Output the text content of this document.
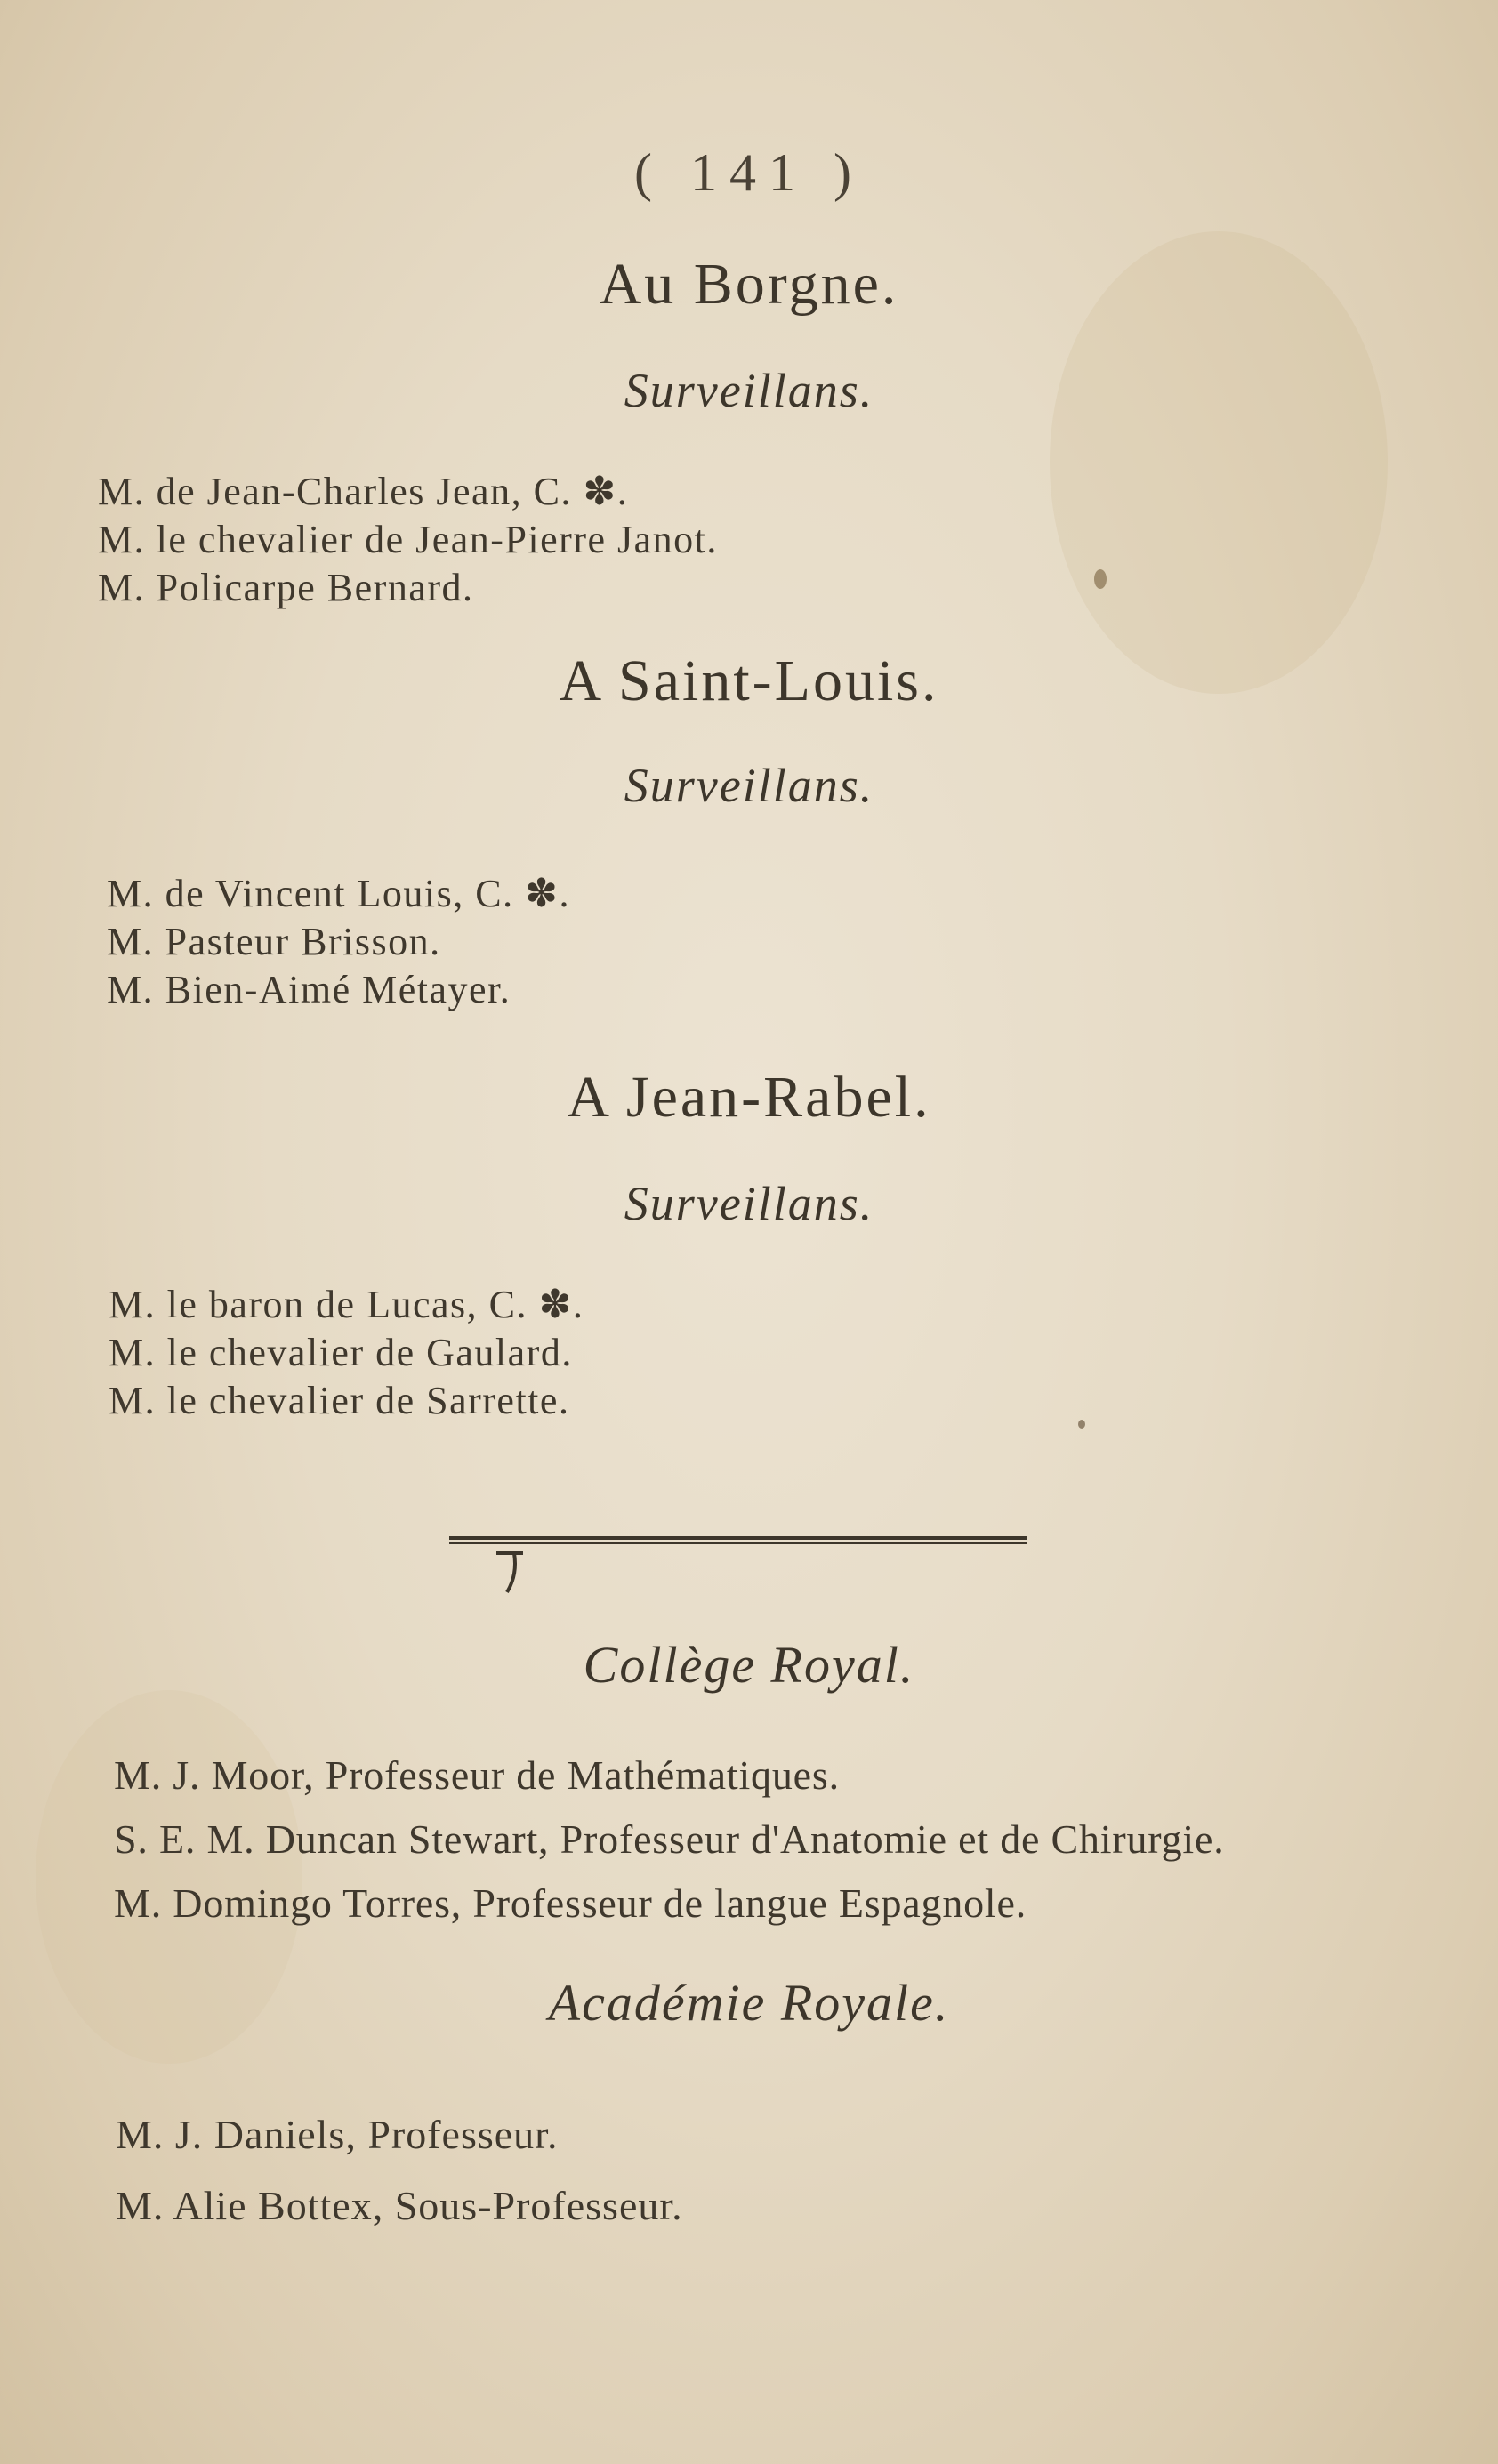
( 141 )
Au Borgne.
Surveillans.
M. de Jean-Charles Jean, C. ✽.
M. le chevalier de Jean-Pierre Janot.
M. Policarpe Bernard.
A Saint-Louis.
Surveillans.
M. de Vincent Louis, C. ✽.
M. Pasteur Brisson.
M. Bien-Aimé Métayer.
A Jean-Rabel.
Surveillans.
M. le baron de Lucas, C. ✽.
M. le chevalier de Gaulard.
M. le chevalier de Sarrette.
Collège Royal.
M. J. Moor, Professeur de Mathématiques.
S. E. M. Duncan Stewart, Professeur d'Anatomie et de Chirurgie.
M. Domingo Torres, Professeur de langue Espagnole.
Académie Royale.
M. J. Daniels, Professeur.
M. Alie Bottex, Sous-Professeur.
